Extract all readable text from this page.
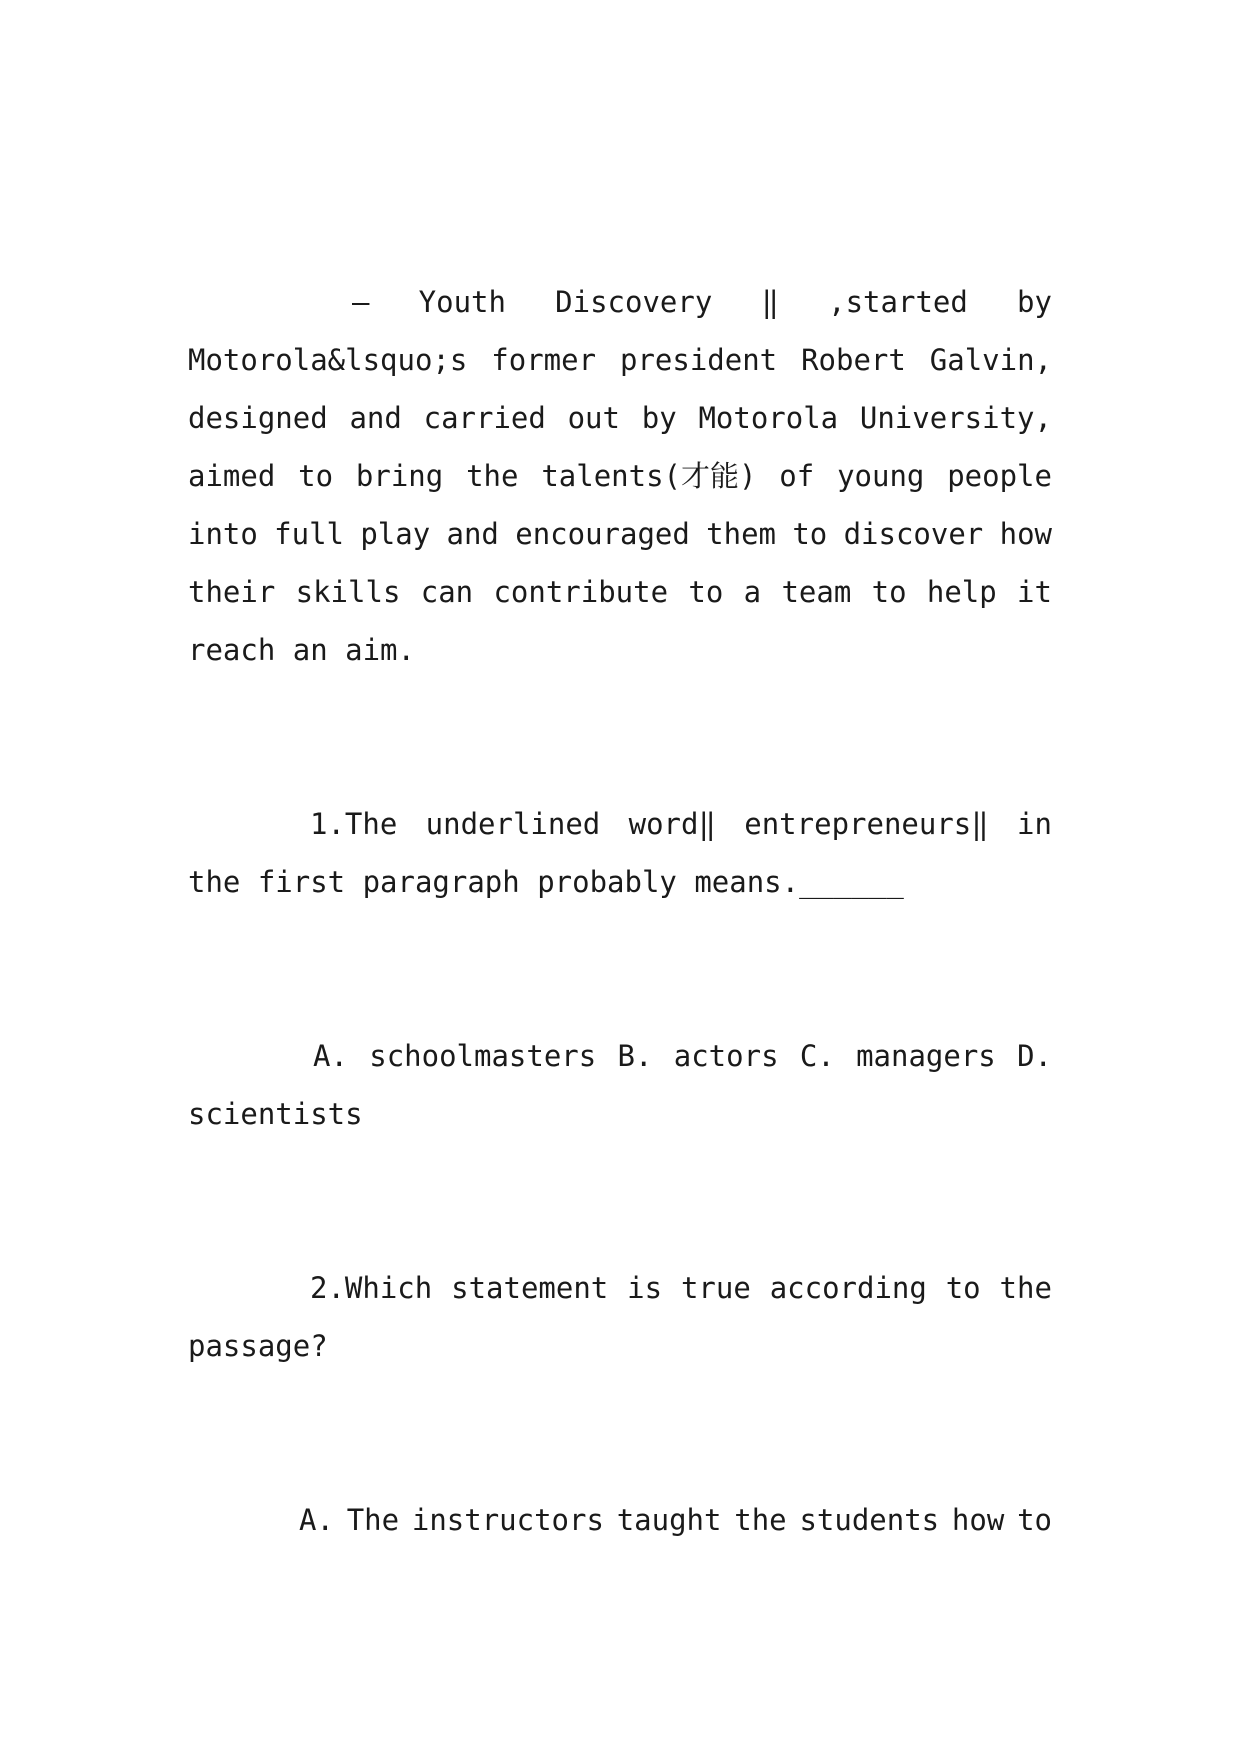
— Youth Discovery ‖ ,started by

Motorola&lsquo;s former president Robert Galvin,

designed and carried out by Motorola University,

aimed to bring the talents(才能) of young people

into full play and encouraged them to discover how

their skills can contribute to a team to help it

reach an aim.

1.The underlined word‖ entrepreneurs‖ in

the first paragraph probably means.______

A. schoolmasters B. actors C. managers D.

scientists

2.Which statement is true according to the

passage?

A. The instructors taught the students how to
